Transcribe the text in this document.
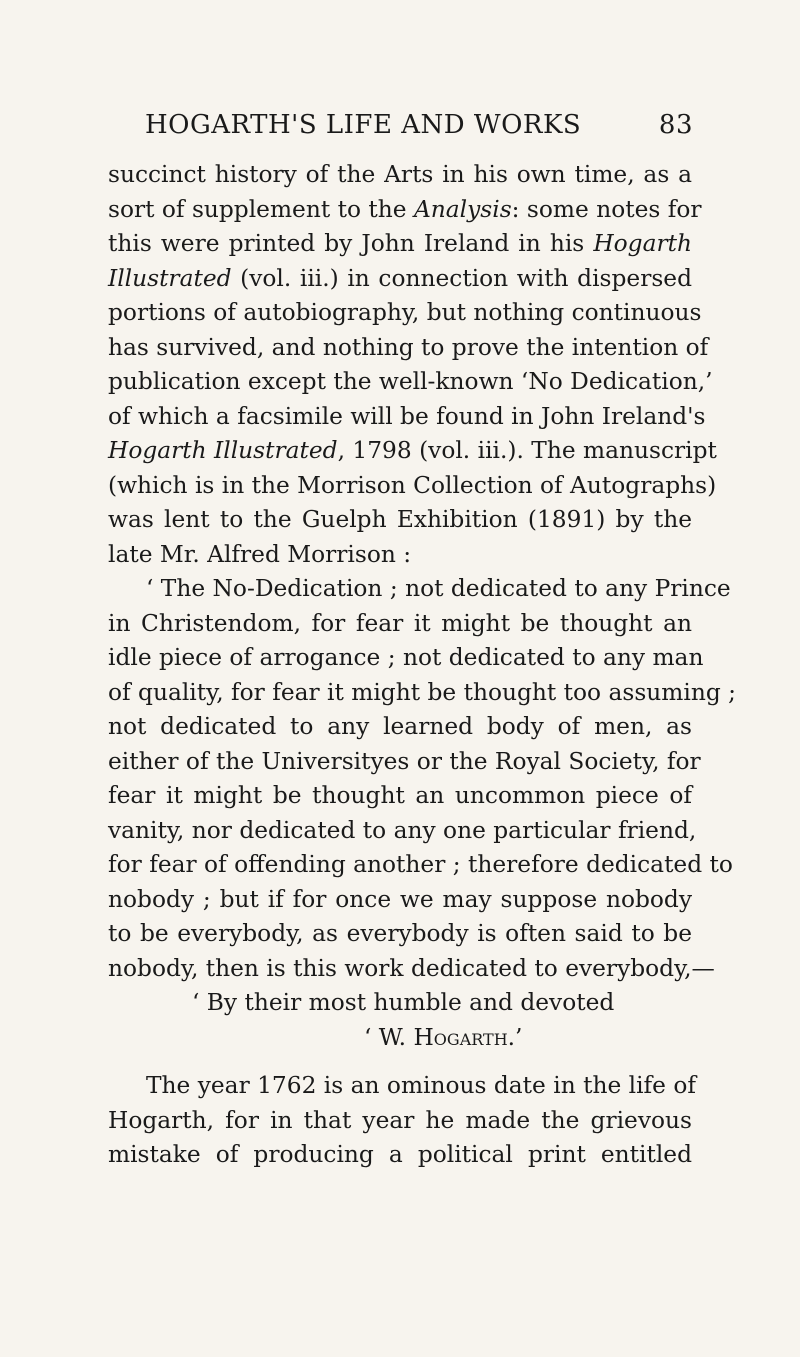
HOGARTH'S LIFE AND WORKS	83
succinct history of the Arts in his own time, as a
sort of supplement to the Analysis: some notes for
this were printed by John Ireland in his Hogarth
Illustrated (vol. iii.) in connection with dispersed
portions of autobiography, but nothing continuous
has survived, and nothing to prove the intention of
publication except the well-known ‘No Dedication,’
of which a facsimile will be found in John Ireland's
Hogarth Illustrated, 1798 (vol. iii.). The manuscript
(which is in the Morrison Collection of Autographs)
was lent to the Guelph Exhibition (1891) by the
late Mr. Alfred Morrison :
‘ The No-Dedication ; not dedicated to any Prince
in Christendom, for fear it might be thought an
idle piece of arrogance ; not dedicated to any man
of quality, for fear it might be thought too assuming ;
not dedicated to any learned body of men, as
either of the Universityes or the Royal Society, for
fear it might be thought an uncommon piece of
vanity, nor dedicated to any one particular friend,
for fear of offending another ; therefore dedicated to
nobody ; but if for once we may suppose nobody
to be everybody, as everybody is often said to be
nobody, then is this work dedicated to everybody,—
‘ By their most humble and devoted
‘ W. Hogarth.’
The year 1762 is an ominous date in the life of
Hogarth, for in that year he made the grievous
mistake of producing a political print entitled
